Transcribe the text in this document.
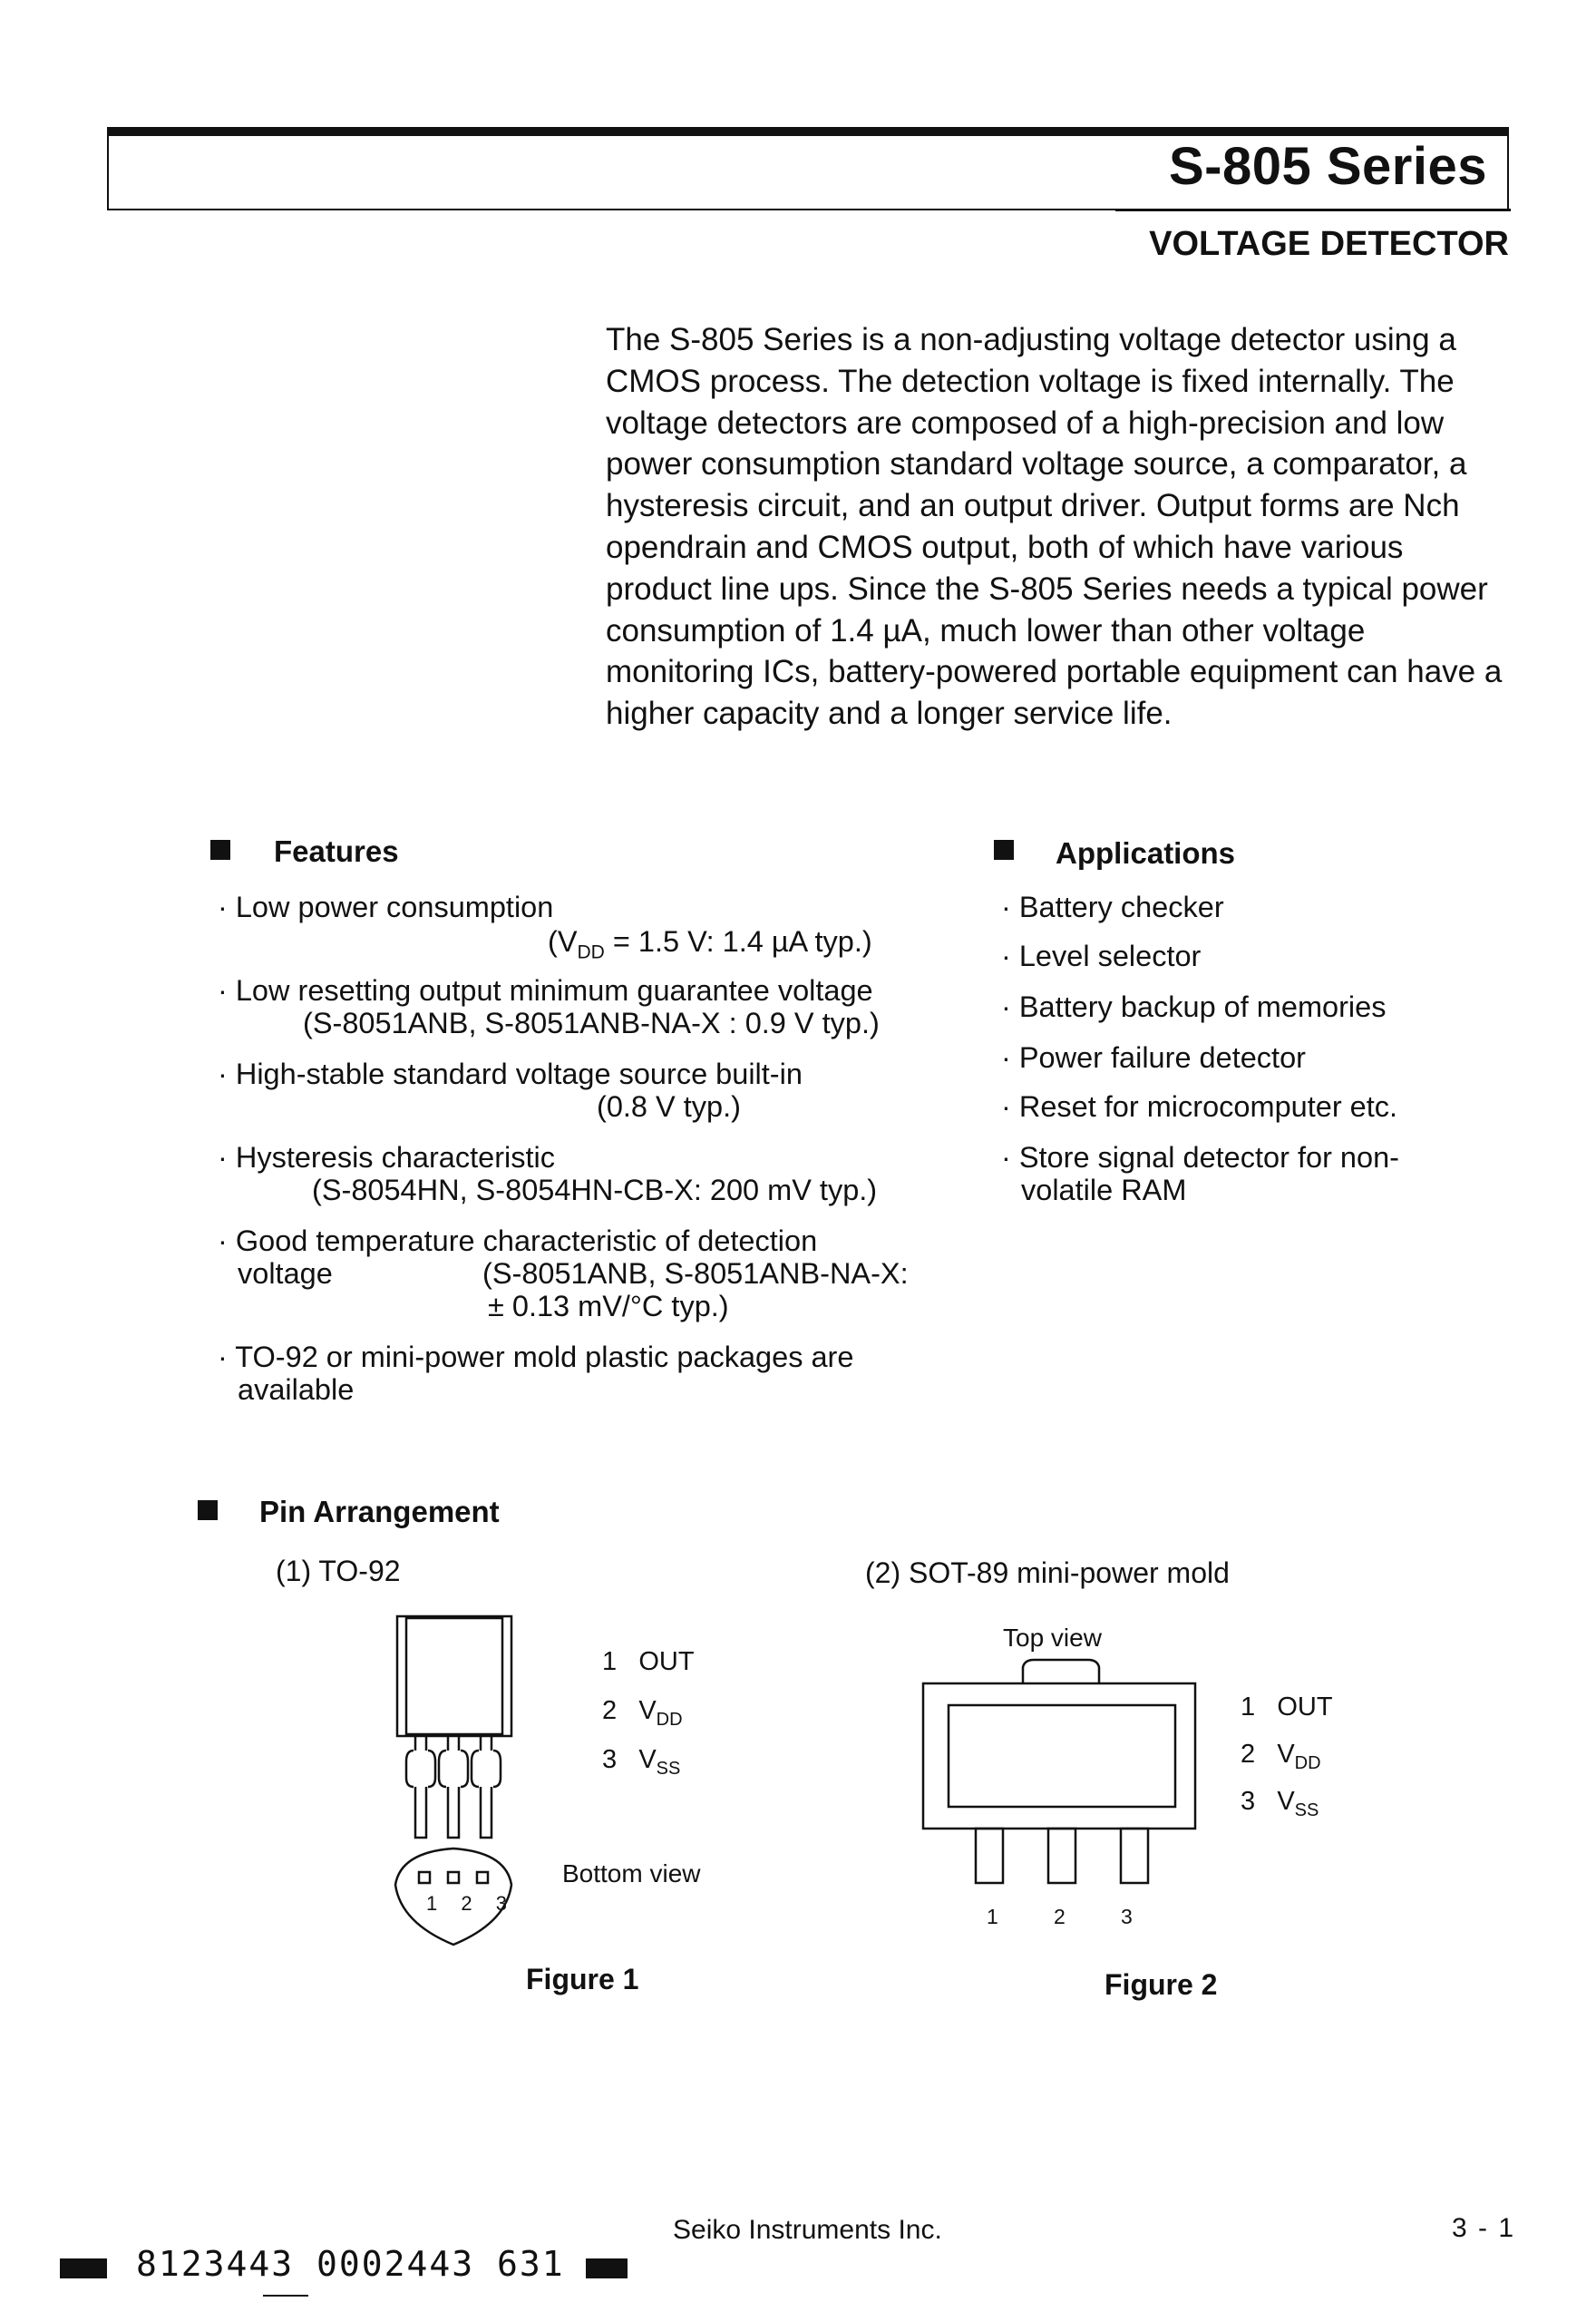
S-805 Series
VOLTAGE DETECTOR
The S-805 Series is a non-adjusting voltage detector using a CMOS process. The detection voltage is fixed internally. The voltage detectors are composed of a high-precision and low power consumption standard voltage source, a comparator, a hysteresis circuit, and an output driver. Output forms are Nch opendrain and CMOS output, both of which have various product line ups. Since the S-805 Series needs a typical power consumption of 1.4 µA, much lower than other voltage monitoring ICs, battery-powered portable equipment can have a higher capacity and a longer service life.
Features
· Low power consumption
($V_{DD} = 1.5$ V: 1.4 µA typ.)
· Low resetting output minimum guarantee voltage
(S-8051ANB, S-8051ANB-NA-X : 0.9 V typ.)
· High-stable standard voltage source built-in
(0.8 V typ.)
· Hysteresis characteristic
(S-8054HN, S-8054HN-CB-X: 200 mV typ.)
· Good temperature characteristic of detection
voltage	(S-8051ANB, S-8051ANB-NA-X:
± 0.13 mV/°C typ.)
· TO-92 or mini-power mold plastic packages are
available
Applications
· Battery checker
· Level selector
· Battery backup of memories
· Power failure detector
· Reset for microcomputer etc.
· Store signal detector for non-
volatile RAM
Pin Arrangement
(1) TO-92	(2) SOT-89 mini-power mold
1 2 3
1 OUT
2 $V_{DD}$
3 $V_{SS}$
Bottom view
Figure 1
Top view
1	2	3
1 OUT
2 $V_{DD}$
3 $V_{SS}$
Figure 2
Seiko Instruments Inc.	3 - 1
8123443 0002443 631
